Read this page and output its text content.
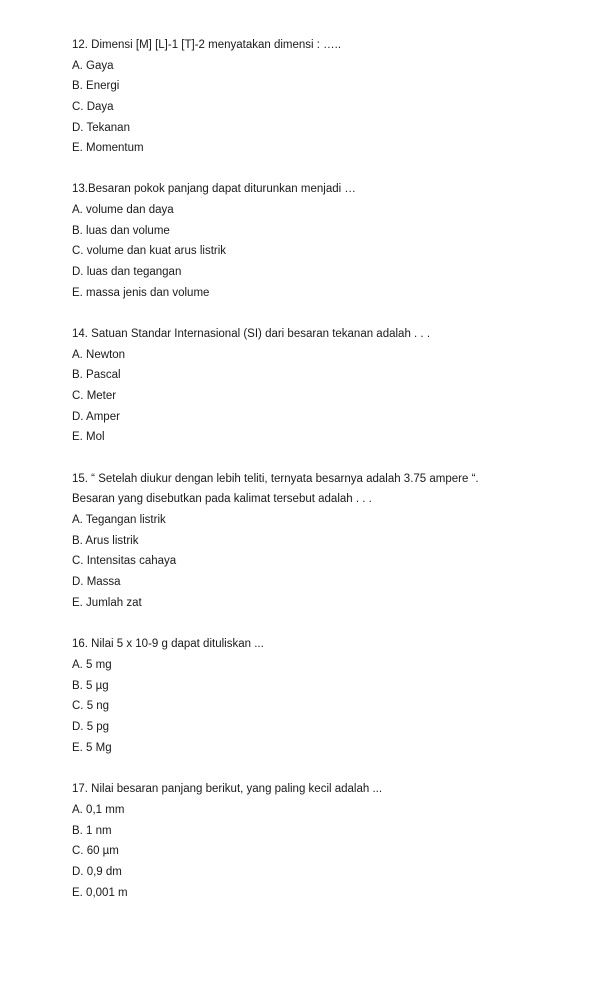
12. Dimensi [M] [L]-1 [T]-2 menyatakan dimensi : …..
A. Gaya
B. Energi
C. Daya
D. Tekanan
E. Momentum
13.Besaran pokok panjang dapat diturunkan menjadi …
A. volume dan daya
B. luas dan volume
C. volume dan kuat arus listrik
D. luas dan tegangan
E. massa jenis dan volume
14. Satuan Standar Internasional (SI) dari besaran tekanan adalah . . .
A. Newton
B. Pascal
C. Meter
D. Amper
E. Mol
15. “ Setelah diukur dengan lebih teliti, ternyata besarnya adalah 3.75 ampere “.
Besaran yang disebutkan pada kalimat tersebut adalah . . .
A. Tegangan listrik
B. Arus listrik
C. Intensitas cahaya
D. Massa
E. Jumlah zat
16. Nilai 5 x 10-9 g dapat dituliskan ...
A. 5 mg
B. 5 µg
C. 5 ng
D. 5 pg
E. 5 Mg
17. Nilai besaran panjang berikut, yang paling kecil adalah ...
A. 0,1 mm
B. 1 nm
C. 60 µm
D. 0,9 dm
E. 0,001 m
